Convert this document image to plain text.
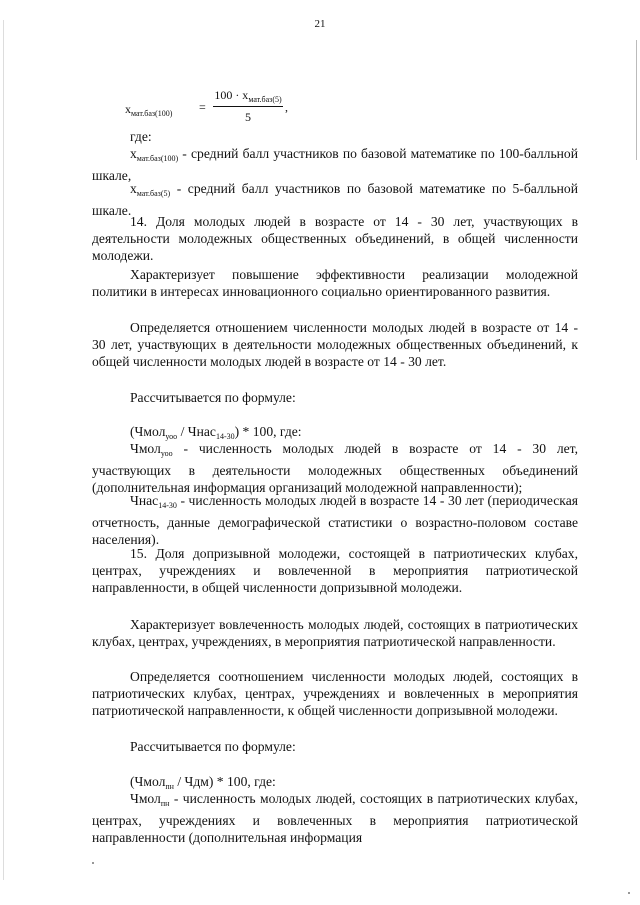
21
$x_{мат.баз(100)}$ =
$100 \cdot x_{мат.баз(5)}$
5
,
где:
$x_{мат.баз(100)}$ - средний балл участников по базовой математике по 100-балльной шкале,
$x_{мат.баз(5)}$ - средний балл участников по базовой математике по 5-балльной шкале.
14. Доля молодых людей в возрасте от 14 - 30 лет, участвующих в деятельности молодежных общественных объединений, в общей численности молодежи.
Характеризует повышение эффективности реализации молодежной политики в интересах инновационного социально ориентированного развития.
Определяется отношением численности молодых людей в возрасте от 14 - 30 лет, участвующих в деятельности молодежных общественных объединений, к общей численности молодых людей в возрасте от 14 - 30 лет.
Рассчитывается по формуле:
(Чмол$_{уоо}$ / Чнас$_{14-30}$) * 100, где:
Чмол$_{уоо}$ - численность молодых людей в возрасте от 14 - 30 лет, участвующих в деятельности молодежных общественных объединений (дополнительная информация организаций молодежной направленности);
Чнас$_{14-30}$ - численность молодых людей в возрасте 14 - 30 лет (периодическая отчетность, данные демографической статистики о возрастно-половом составе населения).
15. Доля допризывной молодежи, состоящей в патриотических клубах, центрах, учреждениях и вовлеченной в мероприятия патриотической направленности, в общей численности допризывной молодежи.
Характеризует вовлеченность молодых людей, состоящих в патриотических клубах, центрах, учреждениях, в мероприятия патриотической направленности.
Определяется соотношением численности молодых людей, состоящих в патриотических клубах, центрах, учреждениях и вовлеченных в мероприятия патриотической направленности, к общей численности допризывной молодежи.
Рассчитывается по формуле:
(Чмол$_{пн}$ / Чдм) * 100, где:
Чмол$_{пн}$ - численность молодых людей, состоящих в патриотических клубах, центрах, учреждениях и вовлеченных в мероприятия патриотической направленности (дополнительная информация
